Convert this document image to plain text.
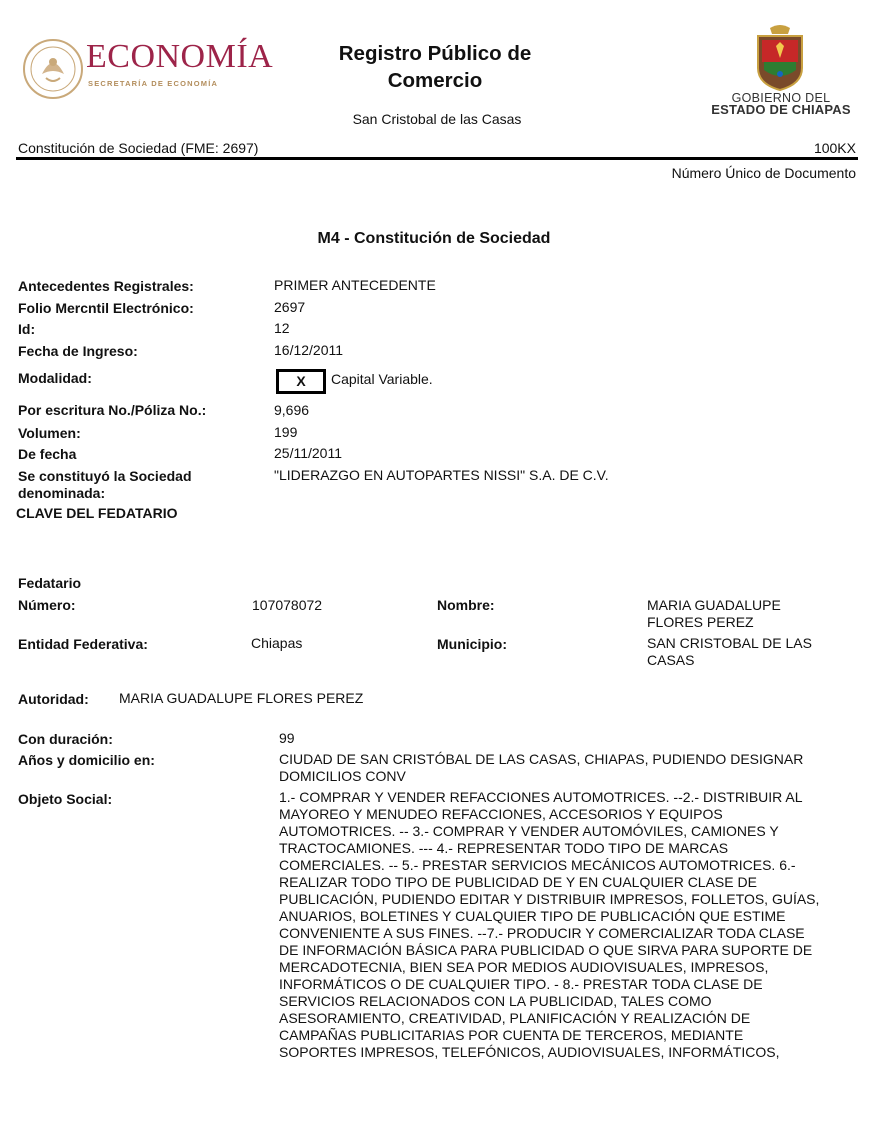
ECONOMÍA
SECRETARÍA DE ECONOMÍA
Registro Público de
Comercio
San Cristobal de las Casas
GOBIERNO DEL
ESTADO DE CHIAPAS
Constitución de Sociedad (FME: 2697)	100KX
Número Único de Documento
M4 - Constitución de Sociedad
Antecedentes Registrales:	PRIMER ANTECEDENTE
Folio Mercntil Electrónico:	2697
Id:	12
Fecha de Ingreso:	16/12/2011
Modalidad:	X	Capital Variable.
Por escritura No./Póliza No.:	9,696
Volumen:	199
De fecha	25/11/2011
Se constituyó la Sociedad
denominada:
"LIDERAZGO EN AUTOPARTES NISSI" S.A. DE C.V.
CLAVE DEL FEDATARIO
Fedatario
Número:	107078072	Nombre:	MARIA GUADALUPE
FLORES PEREZ
Entidad Federativa:	Chiapas	Municipio:	SAN CRISTOBAL DE LAS
CASAS
Autoridad: MARIA GUADALUPE FLORES PEREZ
Con duración:	99
Años y domicilio en:	CIUDAD DE SAN CRISTÓBAL DE LAS CASAS, CHIAPAS, PUDIENDO DESIGNAR
DOMICILIOS CONV
Objeto Social:	1.- COMPRAR Y VENDER REFACCIONES AUTOMOTRICES. --2.- DISTRIBUIR AL
MAYOREO Y MENUDEO REFACCIONES, ACCESORIOS Y EQUIPOS
AUTOMOTRICES. -- 3.- COMPRAR Y VENDER AUTOMÓVILES, CAMIONES Y
TRACTOCAMIONES. --- 4.- REPRESENTAR TODO TIPO DE MARCAS
COMERCIALES. -- 5.- PRESTAR SERVICIOS MECÁNICOS AUTOMOTRICES. 6.-
REALIZAR TODO TIPO DE PUBLICIDAD DE Y EN CUALQUIER CLASE DE
PUBLICACIÓN, PUDIENDO EDITAR Y DISTRIBUIR IMPRESOS, FOLLETOS, GUÍAS,
ANUARIOS, BOLETINES Y CUALQUIER TIPO DE PUBLICACIÓN QUE ESTIME
CONVENIENTE A SUS FINES. --7.- PRODUCIR Y COMERCIALIZAR TODA CLASE
DE INFORMACIÓN BÁSICA PARA PUBLICIDAD O QUE SIRVA PARA SUPORTE DE
MERCADOTECNIA, BIEN SEA POR MEDIOS AUDIOVISUALES, IMPRESOS,
INFORMÁTICOS O DE CUALQUIER TIPO. - 8.- PRESTAR TODA CLASE DE
SERVICIOS RELACIONADOS CON LA PUBLICIDAD, TALES COMO
ASESORAMIENTO, CREATIVIDAD, PLANIFICACIÓN Y REALIZACIÓN DE
CAMPAÑAS PUBLICITARIAS POR CUENTA DE TERCEROS, MEDIANTE
SOPORTES IMPRESOS, TELEFÓNICOS, AUDIOVISUALES, INFORMÁTICOS,
